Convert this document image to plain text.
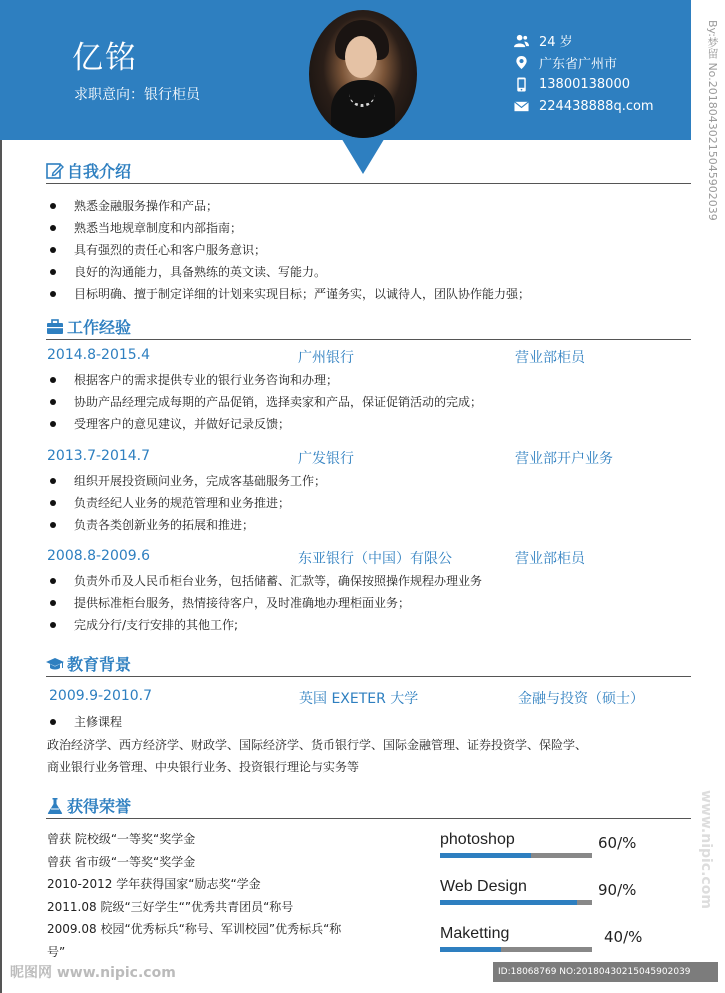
亿铭
求职意向：银行柜员
24 岁
广东省广州市
13800138000
224438888q.com
自我介绍
熟悉金融服务操作和产品；
熟悉当地规章制度和内部指南；
具有强烈的责任心和客户服务意识；
良好的沟通能力，具备熟练的英文读、写能力。
目标明确、擅于制定详细的计划来实现目标；严谨务实，以诚待人，团队协作能力强；
工作经验
2014.8-2015.4	广州银行	营业部柜员
根据客户的需求提供专业的银行业务咨询和办理；
协助产品经理完成每期的产品促销，选择卖家和产品，保证促销活动的完成；
受理客户的意见建议，并做好记录反馈；
2013.7-2014.7	广发银行	营业部开户业务
组织开展投资顾问业务，完成客基础服务工作；
负责经纪人业务的规范管理和业务推进；
负责各类创新业务的拓展和推进；
2008.8-2009.6	东亚银行（中国）有限公	营业部柜员
负责外币及人民币柜台业务，包括储蓄、汇款等，确保按照操作规程办理业务
提供标准柜台服务，热情接待客户，及时准确地办理柜面业务；
完成分行/支行安排的其他工作;
教育背景
2009.9-2010.7	英国 EXETER 大学	金融与投资（硕士）
主修课程
政治经济学、西方经济学、财政学、国际经济学、货币银行学、国际金融管理、证券投资学、保险学、
商业银行业务管理、中央银行业务、投资银行理论与实务等
获得荣誉
曾获 院校级“一等奖“奖学金
曾获 省市级“一等奖“奖学金
2010-2012 学年获得国家“励志奖“学金
2011.08 院级“三好学生“”优秀共青团员“称号
2009.08 校园“优秀标兵“称号、军训校园”优秀标兵“称
号”
photoshop	60/%
Web Design	90/%
Maketting	40/%
By:梦留 No.20180430215045902039
www.nipic.com
昵图网 www.nipic.com	ID:18068769 NO:20180430215045902039
